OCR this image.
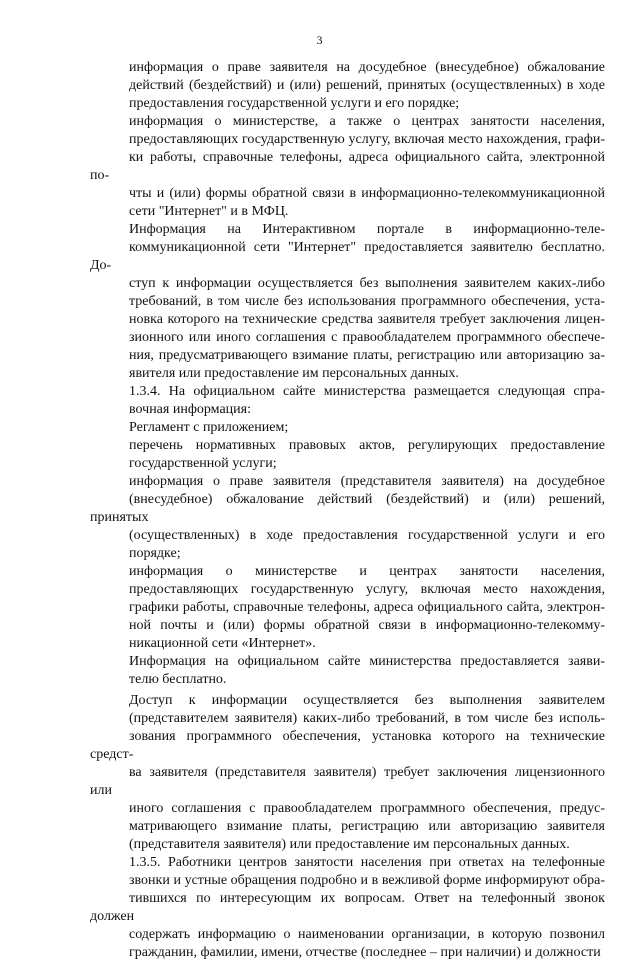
3

информация о праве заявителя на досудебное (внесудебное) обжалование
действий (бездействий) и (или) решений, принятых (осуществленных) в ходе
предоставления государственной услуги и его порядке;

информация о министерстве, а также о центрах занятости населения,
предоставляющих государственную услугу, включая место нахождения, графи-
ки работы, справочные телефоны, адреса официального сайта, электронной по-
чты и (или) формы обратной связи в информационно-телекоммуникационной
сети "Интернет" и в МФЦ.

Информация на Интерактивном портале в информационно-теле-
коммуникационной сети "Интернет" предоставляется заявителю бесплатно. До-
ступ к информации осуществляется без выполнения заявителем каких-либо
требований, в том числе без использования программного обеспечения, уста-
новка которого на технические средства заявителя требует заключения лицен-
зионного или иного соглашения с правообладателем программного обеспече-
ния, предусматривающего взимание платы, регистрацию или авторизацию за-
явителя или предоставление им персональных данных.

1.3.4. На официальном сайте министерства размещается следующая спра-
вочная информация:

Регламент с приложением;

перечень нормативных правовых актов, регулирующих предоставление
государственной услуги;

информация о праве заявителя (представителя заявителя) на досудебное
(внесудебное) обжалование действий (бездействий) и (или) решений, принятых
(осуществленных) в ходе предоставления государственной услуги и его
порядке;

информация о министерстве и центрах занятости населения,
предоставляющих государственную услугу, включая место нахождения,
графики работы, справочные телефоны, адреса официального сайта, электрон-
ной почты и (или) формы обратной связи в информационно-телекомму-
никационной сети «Интернет».

Информация на официальном сайте министерства предоставляется заяви-
телю бесплатно.

Доступ к информации осуществляется без выполнения заявителем
(представителем заявителя) каких-либо требований, в том числе без исполь-
зования программного обеспечения, установка которого на технические средст-
ва заявителя (представителя заявителя) требует заключения лицензионного или
иного соглашения с правообладателем программного обеспечения, предус-
матривающего взимание платы, регистрацию или авторизацию заявителя
(представителя заявителя) или предоставление им персональных данных.

1.3.5. Работники центров занятости населения при ответах на телефонные
звонки и устные обращения подробно и в вежливой форме информируют обра-
тившихся по интересующим их вопросам. Ответ на телефонный звонок должен
содержать информацию о наименовании организации, в которую позвонил
гражданин, фамилии, имени, отчестве (последнее – при наличии) и должности
